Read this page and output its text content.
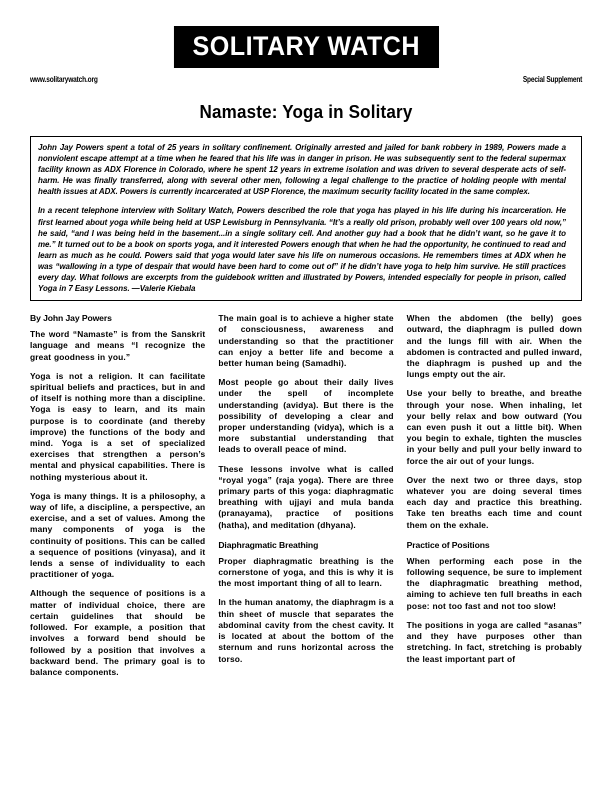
SOLITARY WATCH
www.solitarywatch.org	Special Supplement
Namaste: Yoga in Solitary

John Jay Powers spent a total of 25 years in solitary confinement. Originally arrested and jailed for bank robbery in 1989, Powers made a nonviolent escape attempt at a time when he feared that his life was in danger in prison. He was subsequently sent to the federal supermax facility known as ADX Florence in Colorado, where he spent 12 years in extreme isolation and was driven to several desperate acts of self-harm. He was finally transferred, along with several other men, following a legal challenge to the practice of holding people with mental health issues at ADX. Powers is currently incarcerated at USP Florence, the maximum security facility located in the same complex.

In a recent telephone interview with Solitary Watch, Powers described the role that yoga has played in his life during his incarceration. He first learned about yoga while being held at USP Lewisburg in Pennsylvania. “It’s a really old prison, probably well over 100 years old now,” he said, “and I was being held in the basement...in a single solitary cell. And another guy had a book that he didn’t want, so he gave it to me.” It turned out to be a book on sports yoga, and it interested Powers enough that when he had the opportunity, he continued to read and learn as much as he could. Powers said that yoga would later save his life on numerous occasions. He remembers times at ADX when he was “wallowing in a type of despair that would have been hard to come out of” if he didn’t have yoga to help him survive. He still practices every day. What follows are excerpts from the guidebook written and illustrated by Powers, intended especially for people in prison, called Yoga in 7 Easy Lessons. —Valerie Kiebala

By John Jay Powers

The word “Namaste” is from the Sanskrit language and means “I recognize the great goodness in you.”

Yoga is not a religion. It can facilitate spiritual beliefs and practices, but in and of itself is nothing more than a discipline. Yoga is easy to learn, and its main purpose is to coordinate (and thereby improve) the functions of the body and mind. Yoga is a set of specialized exercises that strengthen a person’s mental and physical capabilities. There is nothing mysterious about it.

Yoga is many things. It is a philosophy, a way of life, a discipline, a perspective, an exercise, and a set of values. Among the many components of yoga is the continuity of positions. This can be called a sequence of positions (vinyasa), and it lends a sense of individuality to each practitioner of yoga.

Although the sequence of positions is a matter of individual choice, there are certain guidelines that should be followed. For example, a position that involves a forward bend should be followed by a position that involves a backward bend. The primary goal is to balance components.

The main goal is to achieve a higher state of consciousness, awareness and understanding so that the practitioner can enjoy a better life and become a better human being (Samadhi).

Most people go about their daily lives under the spell of incomplete understanding (avidya). But there is the possibility of developing a clear and proper understanding (vidya), which is a more substantial understanding that leads to overall peace of mind.

These lessons involve what is called “royal yoga” (raja yoga). There are three primary parts of this yoga: diaphragmatic breathing with ujjayi and mula banda (pranayama), practice of positions (hatha), and meditation (dhyana).

Diaphragmatic Breathing

Proper diaphragmatic breathing is the cornerstone of yoga, and this is why it is the most important thing of all to learn.

In the human anatomy, the diaphragm is a thin sheet of muscle that separates the abdominal cavity from the chest cavity. It is located at about the bottom of the sternum and runs horizontal across the torso.

When the abdomen (the belly) goes outward, the diaphragm is pulled down and the lungs fill with air. When the abdomen is contracted and pulled inward, the diaphragm is pushed up and the lungs empty out the air.

Use your belly to breathe, and breathe through your nose. When inhaling, let your belly relax and bow outward (You can even push it out a little bit). When you begin to exhale, tighten the muscles in your belly and pull your belly inward to force the air out of your lungs.

Over the next two or three days, stop whatever you are doing several times each day and practice this breathing. Take ten breaths each time and count them on the exhale.

Practice of Positions

When performing each pose in the following sequence, be sure to implement the diaphragmatic breathing method, aiming to achieve ten full breaths in each pose: not too fast and not too slow!

The positions in yoga are called “asanas” and they have purposes other than stretching. In fact, stretching is probably the least important part of
